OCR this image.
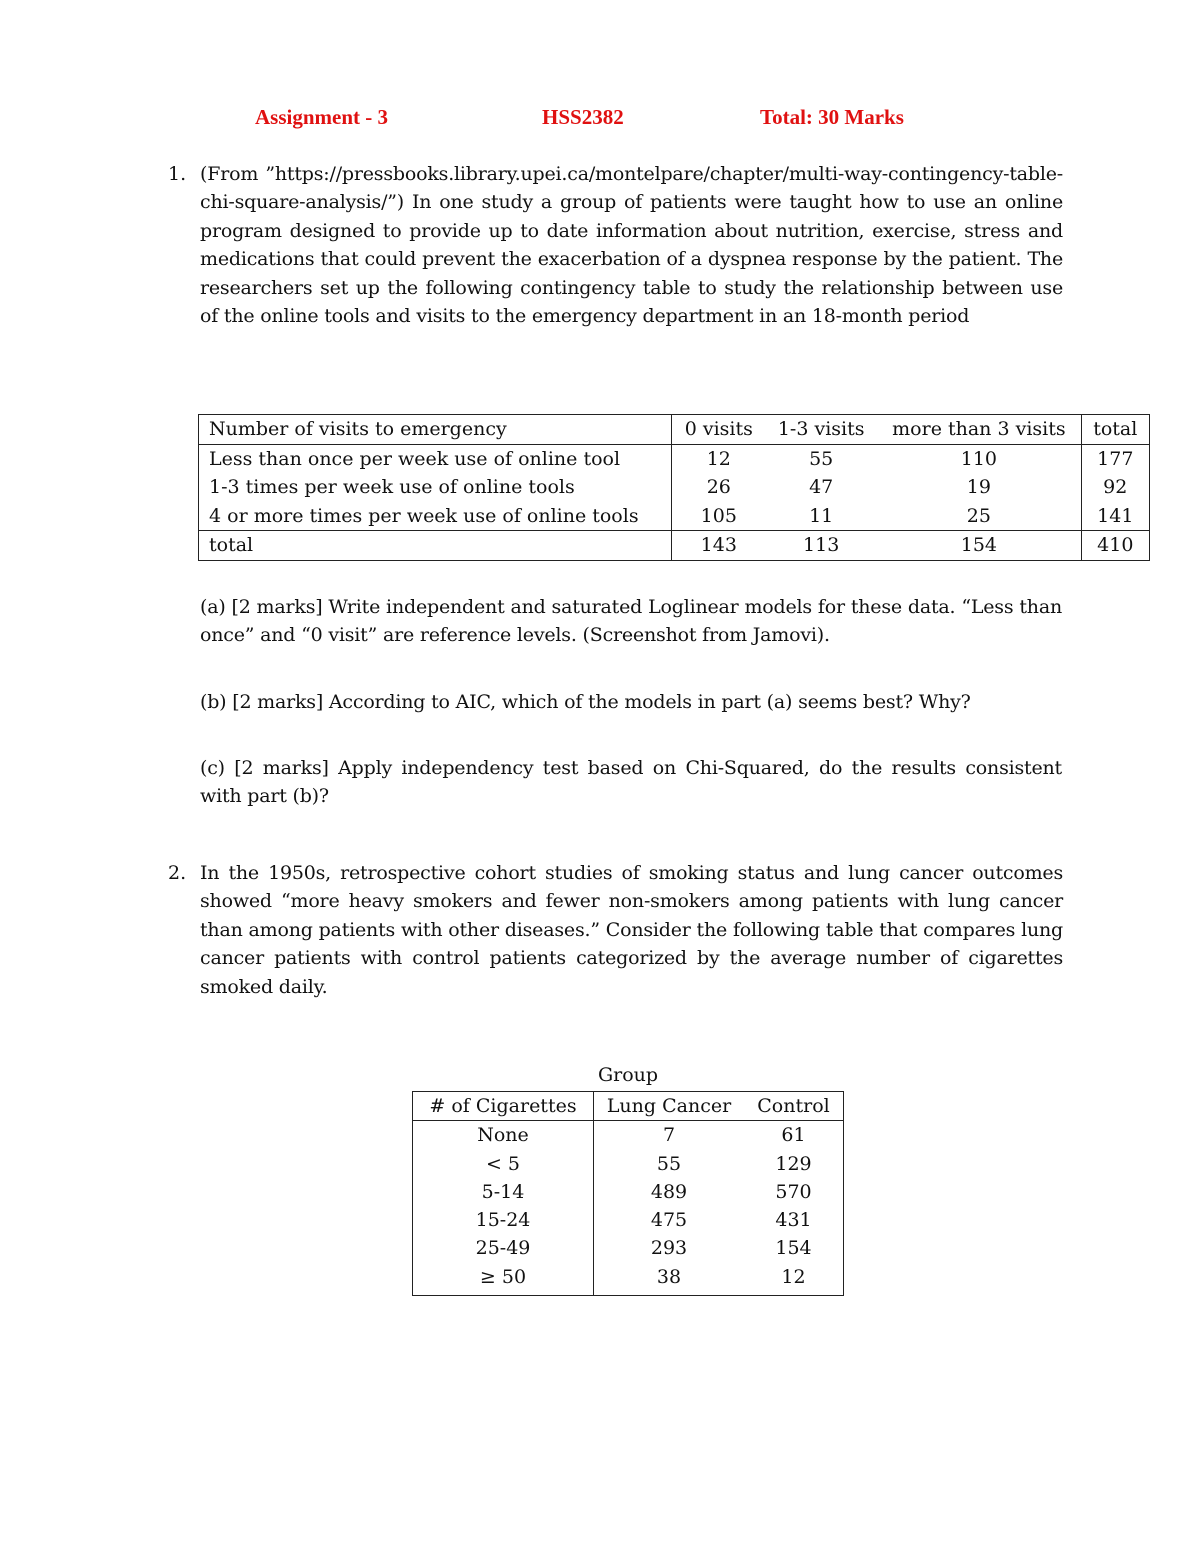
Assignment - 3	HSS2382	Total: 30 Marks
1. (From ”https://pressbooks.library.upei.ca/montelpare/chapter/multi-way-contingency-table-chi-square-analysis/”) In one study a group of patients were taught how to use an online program designed to provide up to date information about nutrition, exercise, stress and medications that could prevent the exacerbation of a dyspnea response by the patient. The researchers set up the following contingency table to study the relationship between use of the online tools and visits to the emergency department in an 18-month period
Number of visits to emergency	0 visits	1-3 visits	more than 3 visits	total
Less than once per week use of online tool	12	55	110	177
1-3 times per week use of online tools	26	47	19	92
4 or more times per week use of online tools	105	11	25	141
total	143	113	154	410
(a) [2 marks] Write independent and saturated Loglinear models for these data. “Less than once” and “0 visit” are reference levels. (Screenshot from Jamovi).
(b) [2 marks] According to AIC, which of the models in part (a) seems best? Why?
(c) [2 marks] Apply independency test based on Chi-Squared, do the results consistent with part (b)?
2. In the 1950s, retrospective cohort studies of smoking status and lung cancer outcomes showed “more heavy smokers and fewer non-smokers among patients with lung cancer than among patients with other diseases.” Consider the following table that compares lung cancer patients with control patients categorized by the average number of cigarettes smoked daily.
Group
# of Cigarettes	Lung Cancer	Control
None	7	61
< 5	55	129
5-14	489	570
15-24	475	431
25-49	293	154
≥ 50	38	12
